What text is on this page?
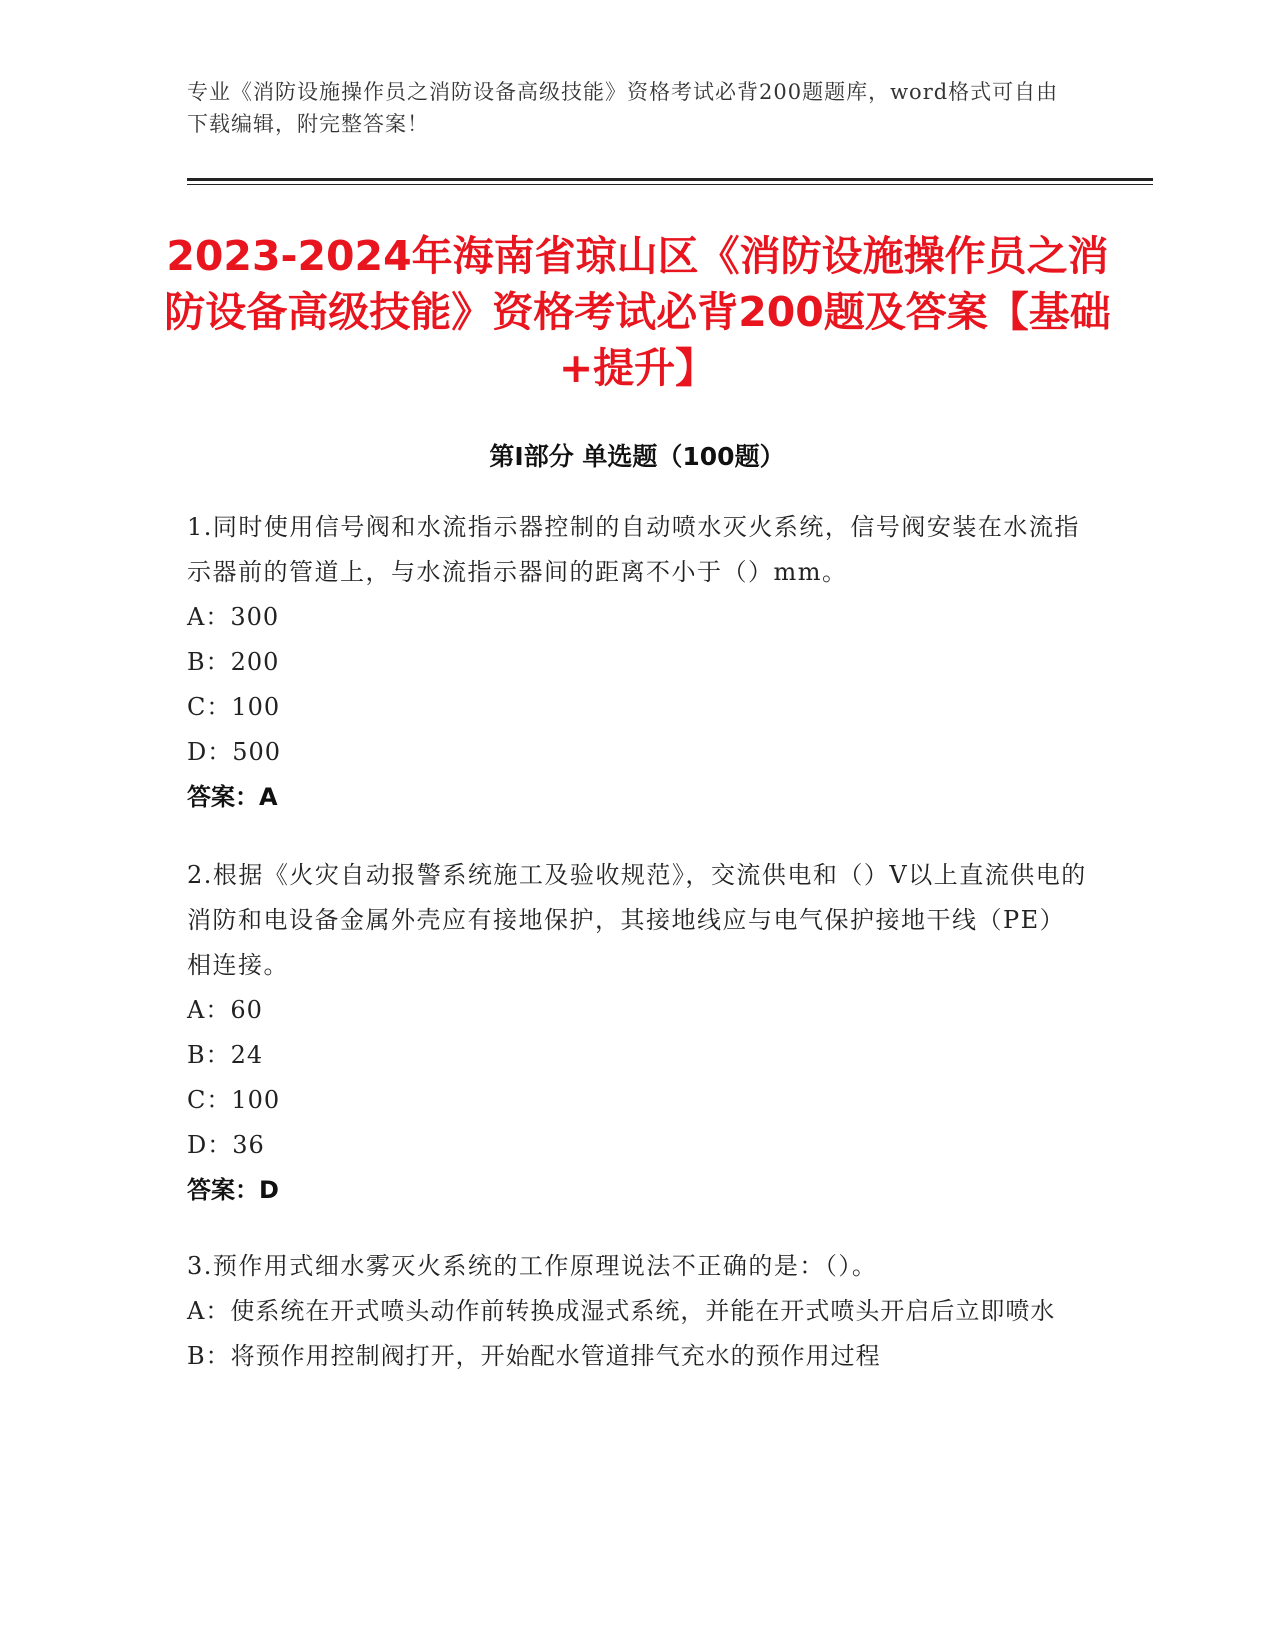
专业《消防设施操作员之消防设备高级技能》资格考试必背200题题库，word格式可自由下载编辑，附完整答案！
2023-2024年海南省琼山区《消防设施操作员之消防设备高级技能》资格考试必背200题及答案【基础+提升】
第Ⅰ部分 单选题（100题）
1.同时使用信号阀和水流指示器控制的自动喷水灭火系统，信号阀安装在水流指示器前的管道上，与水流指示器间的距离不小于（）mm。
A：300
B：200
C：100
D：500
答案：A
2.根据《火灾自动报警系统施工及验收规范》，交流供电和（）V以上直流供电的消防和电设备金属外壳应有接地保护，其接地线应与电气保护接地干线（PE）相连接。
A：60
B：24
C：100
D：36
答案：D
3.预作用式细水雾灭火系统的工作原理说法不正确的是：（）。
A：使系统在开式喷头动作前转换成湿式系统，并能在开式喷头开启后立即喷水
B：将预作用控制阀打开，开始配水管道排气充水的预作用过程
